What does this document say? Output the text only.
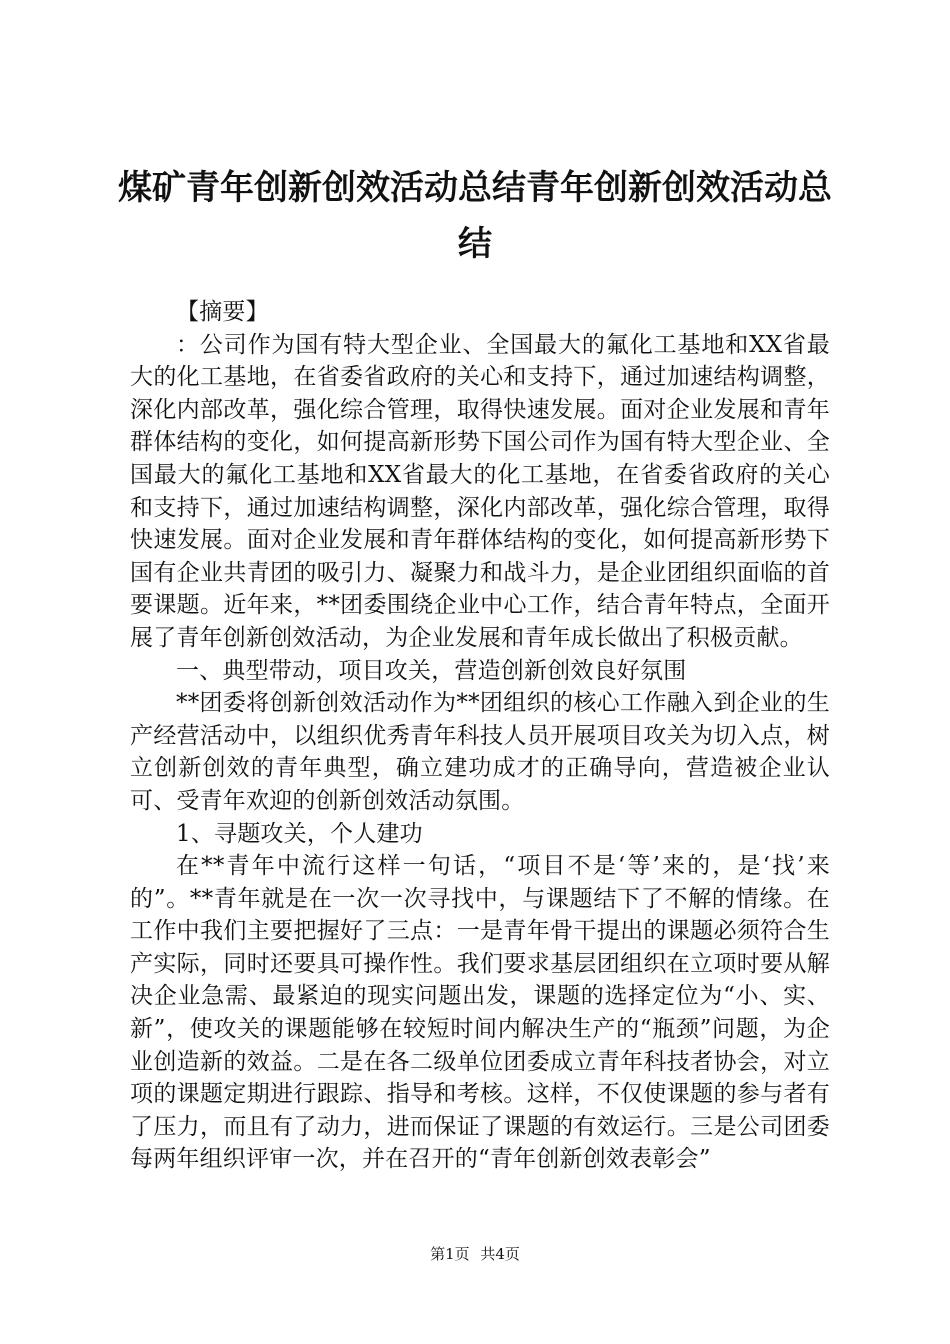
煤矿青年创新创效活动总结青年创新创效活动总结

【摘要】

：公司作为国有特大型企业、全国最大的氟化工基地和XX省最大的化工基地，在省委省政府的关心和支持下，通过加速结构调整，深化内部改革，强化综合管理，取得快速发展。面对企业发展和青年群体结构的变化，如何提高新形势下国公司作为国有特大型企业、全国最大的氟化工基地和XX省最大的化工基地，在省委省政府的关心和支持下，通过加速结构调整，深化内部改革，强化综合管理，取得快速发展。面对企业发展和青年群体结构的变化，如何提高新形势下国有企业共青团的吸引力、凝聚力和战斗力，是企业团组织面临的首要课题。近年来，**团委围绕企业中心工作，结合青年特点，全面开展了青年创新创效活动，为企业发展和青年成长做出了积极贡献。

一、典型带动，项目攻关，营造创新创效良好氛围

**团委将创新创效活动作为**团组织的核心工作融入到企业的生产经营活动中，以组织优秀青年科技人员开展项目攻关为切入点，树立创新创效的青年典型，确立建功成才的正确导向，营造被企业认可、受青年欢迎的创新创效活动氛围。

1、寻题攻关，个人建功

在**青年中流行这样一句话，“项目不是‘等’来的，是‘找’来的”。**青年就是在一次一次寻找中，与课题结下了不解的情缘。在工作中我们主要把握好了三点：一是青年骨干提出的课题必须符合生产实际，同时还要具可操作性。我们要求基层团组织在立项时要从解决企业急需、最紧迫的现实问题出发，课题的选择定位为“小、实、新”，使攻关的课题能够在较短时间内解决生产的“瓶颈”问题，为企业创造新的效益。二是在各二级单位团委成立青年科技者协会，对立项的课题定期进行跟踪、指导和考核。这样，不仅使课题的参与者有了压力，而且有了动力，进而保证了课题的有效运行。三是公司团委每两年组织评审一次，并在召开的“青年创新创效表彰会”

第1页 共4页
